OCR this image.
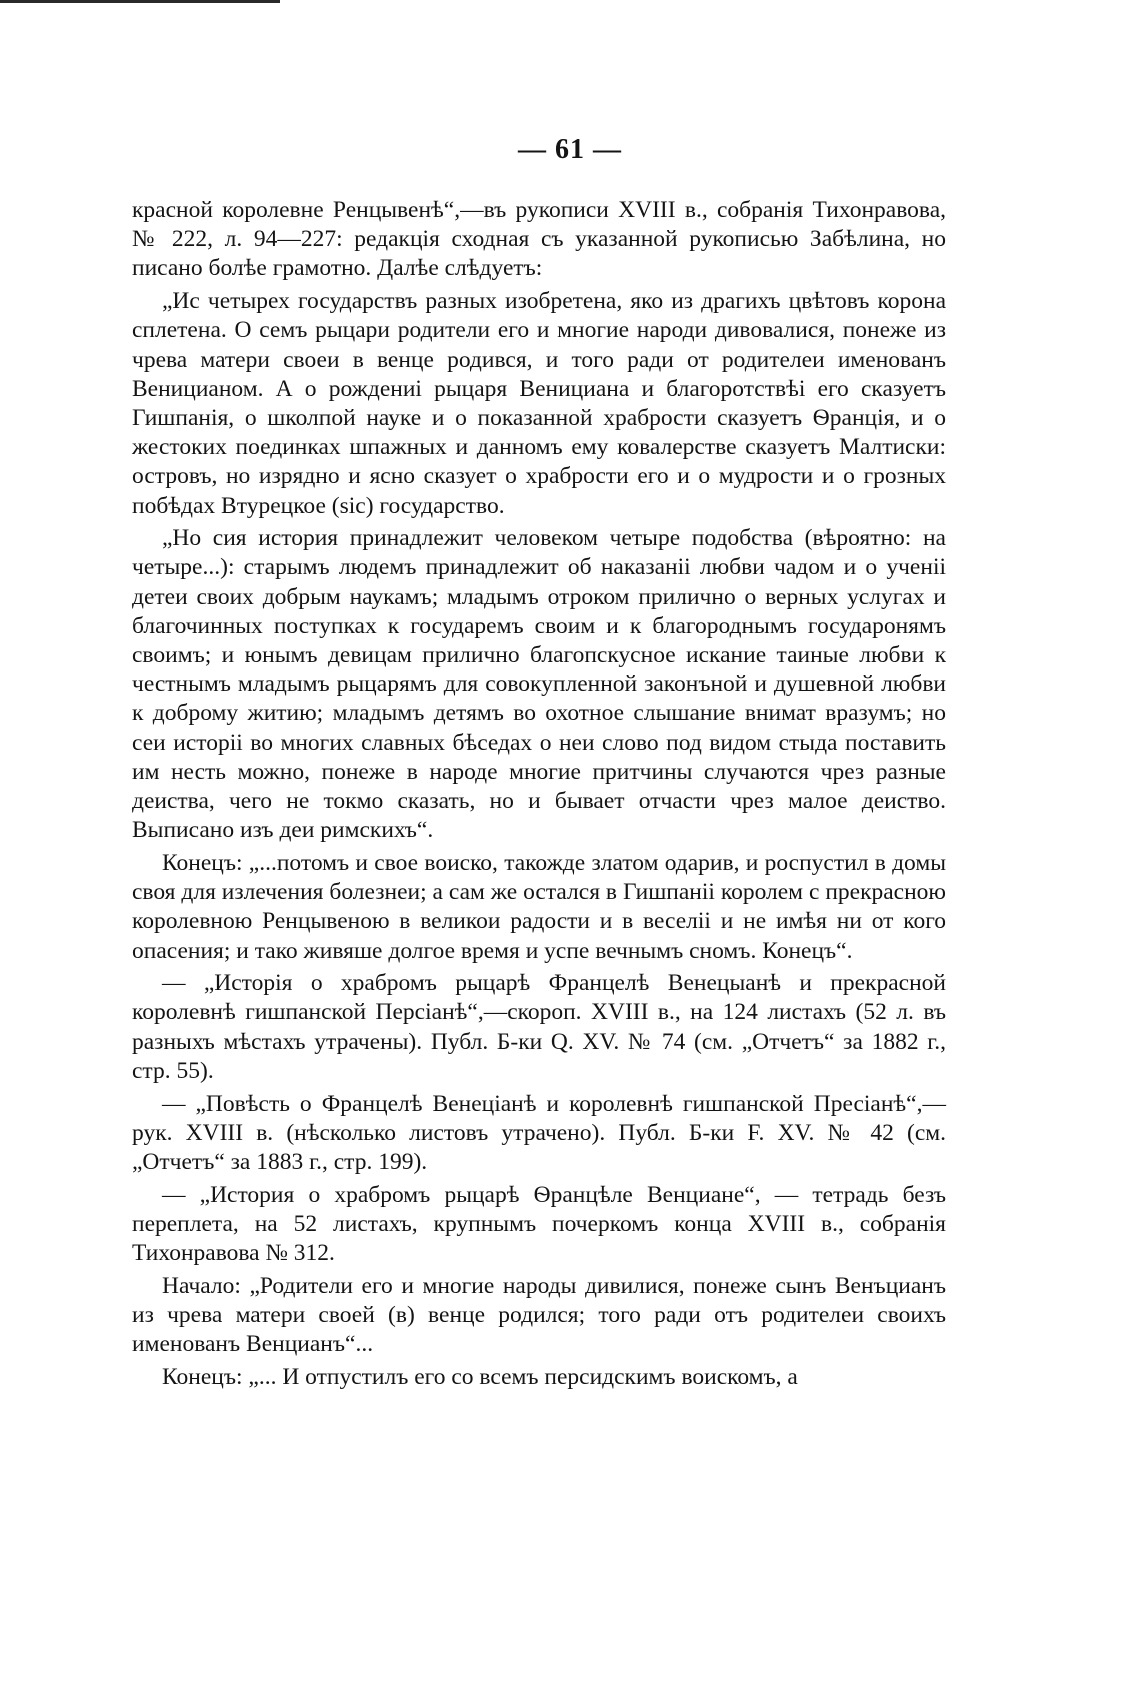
— 61 —

красной королевне Ренцывенѣ“,—въ рукописи XVIII в., собранія Тихонравова, № 222, л. 94—227: редакція сходная съ указанной рукописью Забѣлина, но писано болѣе грамотно. Далѣе слѣдуетъ:

„Ис четырех государствъ разных изобретена, яко из драгихъ цвѣтовъ корона сплетена. О семъ рыцари родители его и многие народи дивовалися, понеже из чрева матери своеи в венце родився, и того ради от родителеи именованъ Венициaном. А о рождениі рыцаря Венициана и благоротствѣі его сказуетъ Гишпанія, о школпой науке и о показанной храбрости сказуетъ Ѳранція, и о жестоких поединках шпажных и данномъ ему ковалерстве сказуетъ Малтиски: островъ, но изрядно и ясно сказует о храбрости его и о мудрости и о грозных побѣдах Втурецкое (sic) государство.

„Но сия история принадлежит человеком четыре подобства (вѣроятно: на четыре...): старымъ людемъ принадлежит об наказаніі любви чадом и о ученіі детеи своих добрым наукамъ; младымъ отроком прилично о верных услугах и благочинных поступках к государемъ своим и к благороднымъ государонямъ своимъ; и юнымъ девицам прилично благопскусное искание таиные любви к честнымъ младымъ рыцарямъ для совокупленной законъной и душевной любви к доброму житию; младымъ детямъ во охотное слышание внимат вразумъ; но сеи исторіі во многих славных бѣседах о неи слово под видом стыда поставить им несть можно, понеже в народе многие притчины случаются чрез разные деиства, чего не токмо сказать, но и бывает отчасти чрез малое деиство. Выписано изъ деи римскихъ“.

Конецъ: „...потомъ и свое воиско, такожде златом одарив, и роспустил в домы своя для излечения болезнеи; а сам же остался в Гишпаніі королем с прекрасною королевною Ренцывеною в великои радости и в веселіі и не имѣя ни от кого опасения; и тако живяше долгое время и успе вечнымъ сномъ. Конецъ“.

— „Исторія о храбромъ рыцарѣ Францелѣ Венецыанѣ и прекрасной королевнѣ гишпанской Персіанѣ“,—скороп. XVIII в., на 124 листахъ (52 л. въ разныхъ мѣстахъ утрачены). Публ. Б-ки Q. XV. № 74 (см. „Отчетъ“ за 1882 г., стр. 55).

— „Повѣсть о Францелѣ Венеціанѣ и королевнѣ гишпанской Пресіанѣ“,—рук. XVIII в. (нѣсколько листовъ утрачено). Публ. Б-ки F. XV. № 42 (см. „Отчетъ“ за 1883 г., стр. 199).

— „История о храбромъ рыцарѣ Ѳранцѣле Венциане“, — тетрадь безъ переплета, на 52 листахъ, крупнымъ почеркомъ конца XVIII в., собранія Тихонравова № 312.

Начало: „Родители его и многие народы дивилися, понеже сынъ Венъцианъ из чрева матери своей (в) венце родился; того ради отъ родителеи своихъ именованъ Венциaнъ“...

Конецъ: „... И отпустилъ его со всемъ персидскимъ воискомъ, а
